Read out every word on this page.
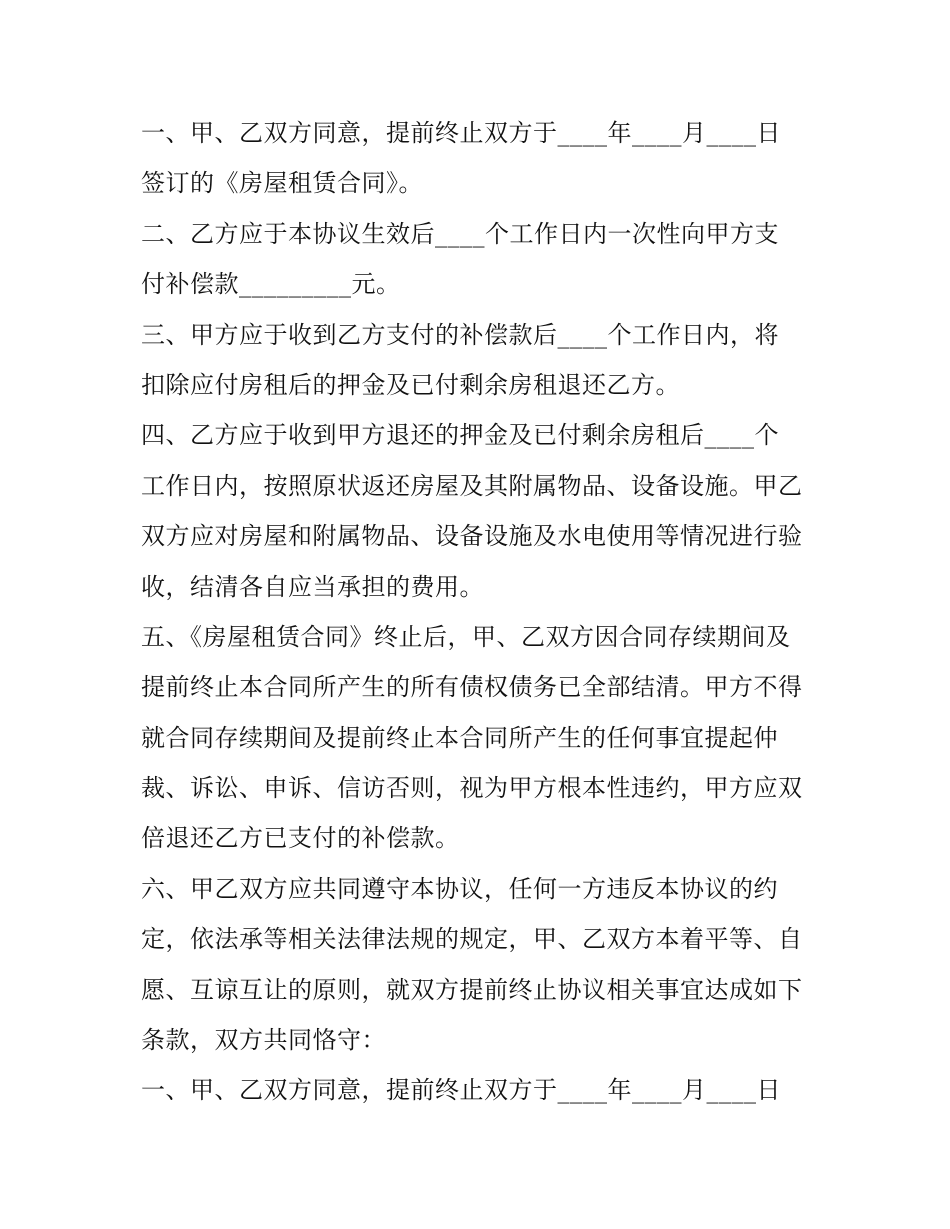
一、甲、乙双方同意，提前终止双方于____年____月____日
签订的《房屋租赁合同》。
二、乙方应于本协议生效后____个工作日内一次性向甲方支
付补偿款_________元。
三、甲方应于收到乙方支付的补偿款后____个工作日内，将
扣除应付房租后的押金及已付剩余房租退还乙方。
四、乙方应于收到甲方退还的押金及已付剩余房租后____个
工作日内，按照原状返还房屋及其附属物品、设备设施。甲乙
双方应对房屋和附属物品、设备设施及水电使用等情况进行验
收，结清各自应当承担的费用。
五、《房屋租赁合同》终止后，甲、乙双方因合同存续期间及
提前终止本合同所产生的所有债权债务已全部结清。甲方不得
就合同存续期间及提前终止本合同所产生的任何事宜提起仲
裁、诉讼、申诉、信访否则，视为甲方根本性违约，甲方应双
倍退还乙方已支付的补偿款。
六、甲乙双方应共同遵守本协议，任何一方违反本协议的约
定，依法承等相关法律法规的规定，甲、乙双方本着平等、自
愿、互谅互让的原则，就双方提前终止协议相关事宜达成如下
条款，双方共同恪守：
一、甲、乙双方同意，提前终止双方于____年____月____日
